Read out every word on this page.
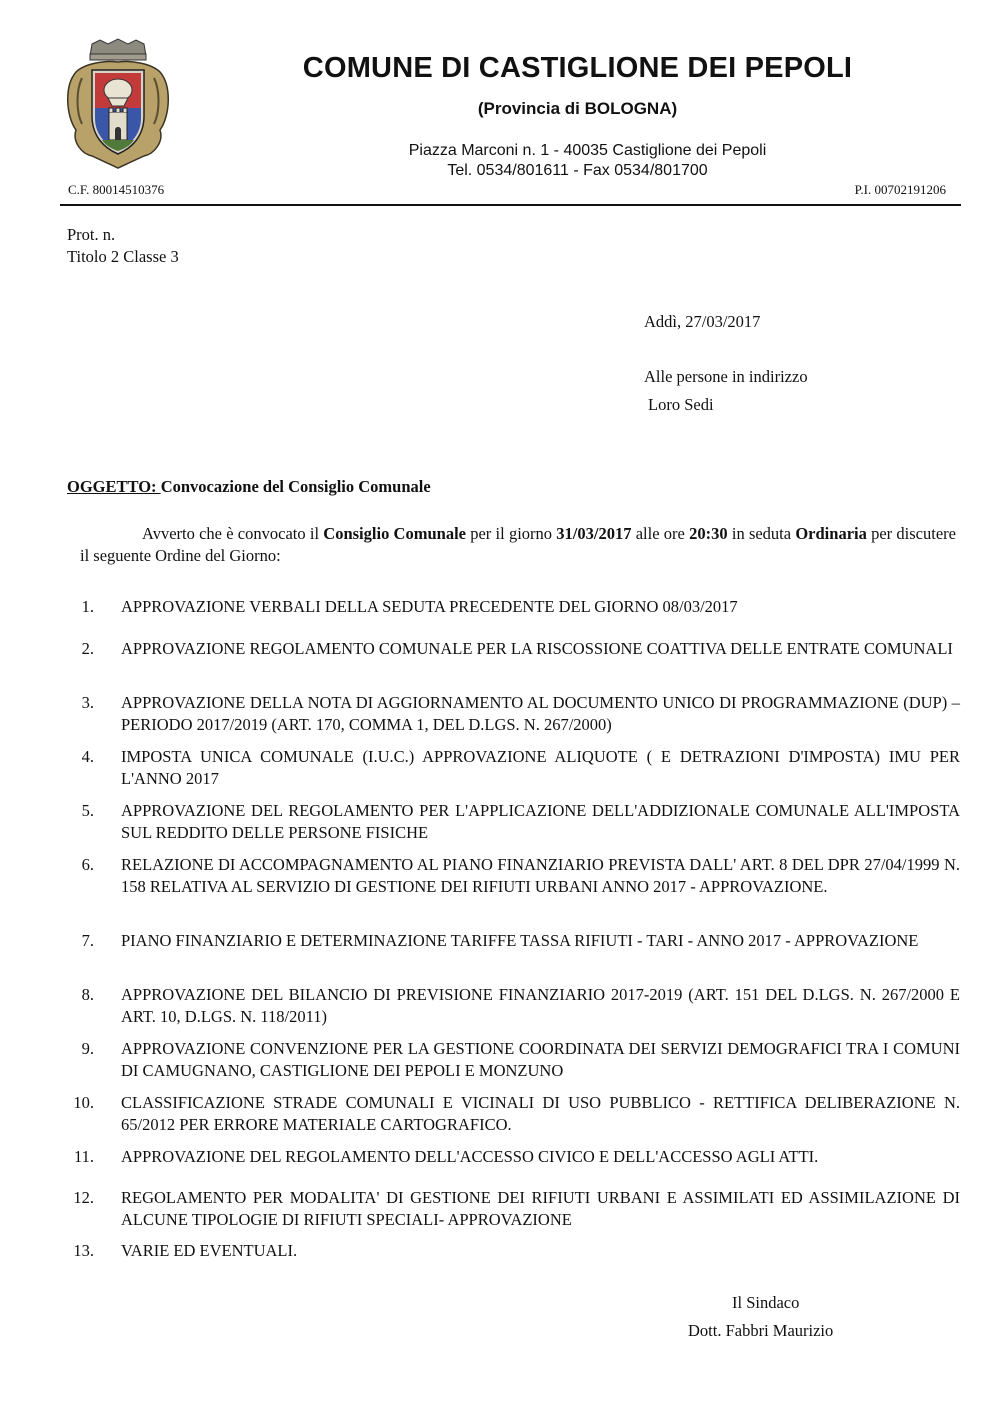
COMUNE DI CASTIGLIONE DEI PEPOLI
(Provincia di BOLOGNA)
Piazza Marconi n. 1 - 40035 Castiglione dei Pepoli
Tel. 0534/801611 - Fax 0534/801700
C.F. 80014510376	P.I. 00702191206
Prot. n.
Titolo 2 Classe 3
Addì, 27/03/2017
Alle persone in indirizzo
Loro Sedi
OGGETTO: Convocazione del Consiglio Comunale
Avverto che è convocato il Consiglio Comunale per il giorno 31/03/2017 alle ore 20:30 in seduta Ordinaria per discutere il seguente Ordine del Giorno:
1. APPROVAZIONE VERBALI DELLA SEDUTA PRECEDENTE DEL GIORNO 08/03/2017
2. APPROVAZIONE REGOLAMENTO COMUNALE PER LA RISCOSSIONE COATTIVA DELLE ENTRATE COMUNALI
3. APPROVAZIONE DELLA NOTA DI AGGIORNAMENTO AL DOCUMENTO UNICO DI PROGRAMMAZIONE (DUP) – PERIODO 2017/2019 (ART. 170, COMMA 1, DEL D.LGS. N. 267/2000)
4. IMPOSTA UNICA COMUNALE (I.U.C.) APPROVAZIONE ALIQUOTE ( E DETRAZIONI D'IMPOSTA) IMU PER L'ANNO 2017
5. APPROVAZIONE DEL REGOLAMENTO PER L'APPLICAZIONE DELL'ADDIZIONALE COMUNALE ALL'IMPOSTA SUL REDDITO DELLE PERSONE FISICHE
6. RELAZIONE DI ACCOMPAGNAMENTO AL PIANO FINANZIARIO PREVISTA DALL' ART. 8 DEL DPR 27/04/1999 N. 158 RELATIVA AL SERVIZIO DI GESTIONE DEI RIFIUTI URBANI ANNO 2017 - APPROVAZIONE.
7. PIANO FINANZIARIO E DETERMINAZIONE TARIFFE TASSA RIFIUTI - TARI - ANNO 2017 - APPROVAZIONE
8. APPROVAZIONE DEL BILANCIO DI PREVISIONE FINANZIARIO 2017-2019 (ART. 151 DEL D.LGS. N. 267/2000 E ART. 10, D.LGS. N. 118/2011)
9. APPROVAZIONE CONVENZIONE PER LA GESTIONE COORDINATA DEI SERVIZI DEMOGRAFICI TRA I COMUNI DI CAMUGNANO, CASTIGLIONE DEI PEPOLI E MONZUNO
10. CLASSIFICAZIONE STRADE COMUNALI E VICINALI DI USO PUBBLICO - RETTIFICA DELIBERAZIONE N. 65/2012 PER ERRORE MATERIALE CARTOGRAFICO.
11. APPROVAZIONE DEL REGOLAMENTO DELL'ACCESSO CIVICO E DELL'ACCESSO AGLI ATTI.
12. REGOLAMENTO PER MODALITA' DI GESTIONE DEI RIFIUTI URBANI E ASSIMILATI ED ASSIMILAZIONE DI ALCUNE TIPOLOGIE DI RIFIUTI SPECIALI- APPROVAZIONE
13. VARIE ED EVENTUALI.
Il Sindaco
Dott. Fabbri Maurizio
